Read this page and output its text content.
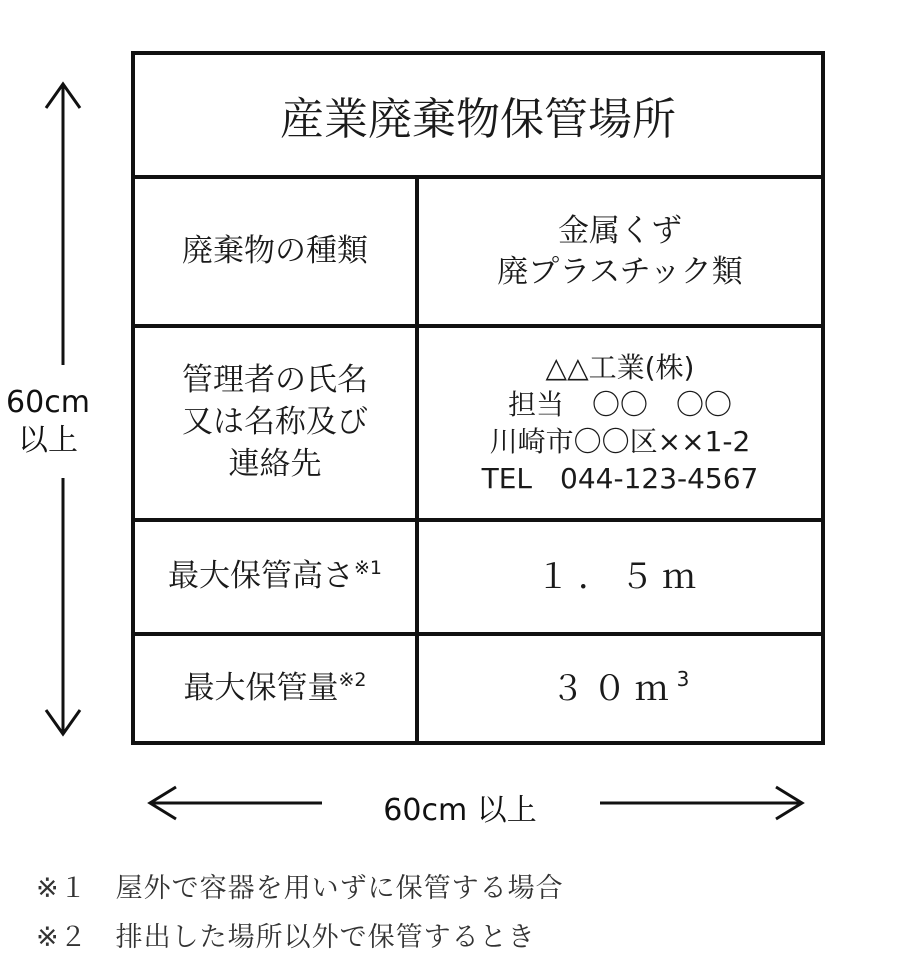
60cm
以上
60cm 以上
産業廃棄物保管場所
廃棄物の種類
金属くず
廃プラスチック類
管理者の氏名
又は名称及び
連絡先
△△工業(株)
担当　〇〇　〇〇
川崎市〇〇区××1-2
TEL　044-123-4567
最大保管高さ$^{※1}$	１．５ｍ
最大保管量$^{※2}$	３０ｍ$^3$
※１　屋外で容器を用いずに保管する場合
※２　排出した場所以外で保管するとき
